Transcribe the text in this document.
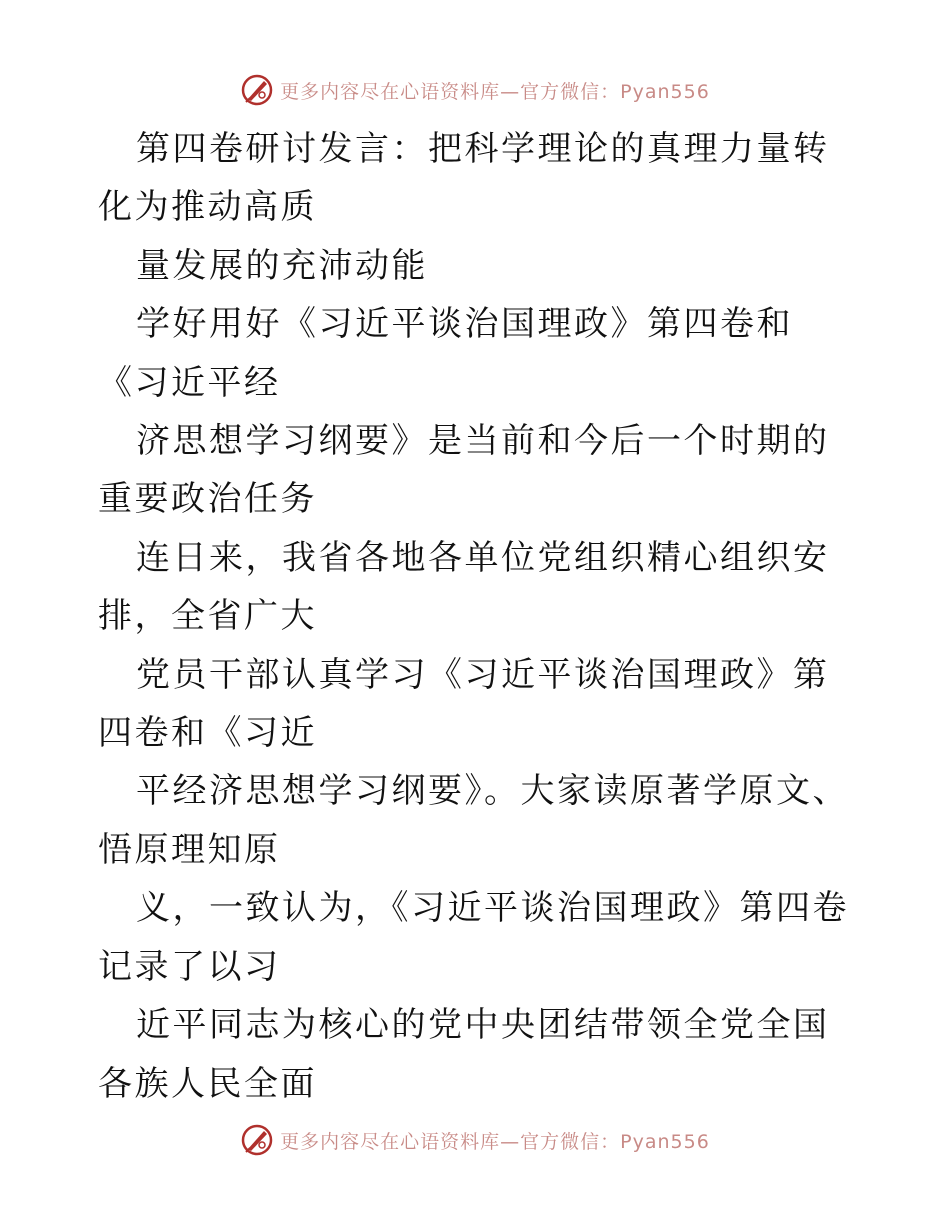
更多内容尽在心语资料库—官方微信：Pyan556

第四卷研讨发言：把科学理论的真理力量转化为推动高质

量发展的充沛动能

学好用好《习近平谈治国理政》第四卷和《习近平经

济思想学习纲要》是当前和今后一个时期的重要政治任务

连日来，我省各地各单位党组织精心组织安排，全省广大

党员干部认真学习《习近平谈治国理政》第四卷和《习近

平经济思想学习纲要》。大家读原著学原文、悟原理知原

义，一致认为，《习近平谈治国理政》第四卷记录了以习

近平同志为核心的党中央团结带领全党全国各族人民全面

更多内容尽在心语资料库—官方微信：Pyan556
